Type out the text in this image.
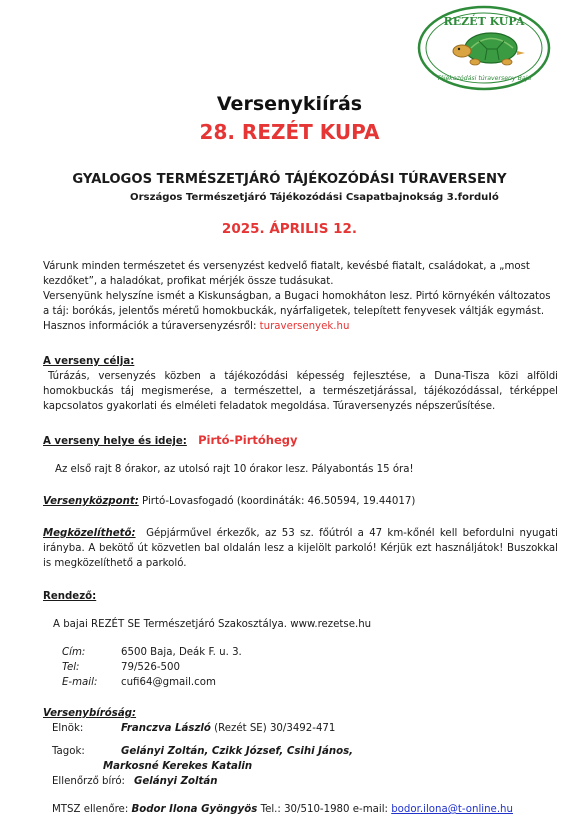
REZÉT KUPA
Tájékozódási túraverseny Baja
Versenykiírás
28. REZÉT KUPA
GYALOGOS TERMÉSZETJÁRÓ TÁJÉKOZÓDÁSI TÚRAVERSENY
Országos Természetjáró Tájékozódási Csapatbajnokság 3.forduló
2025. ÁPRILIS 12.
Várunk minden természetet és versenyzést kedvelő fiatalt, kevésbé fiatalt, családokat, a „most kezdőket”, a haladókat, profikat mérjék össze tudásukat.
Versenyünk helyszíne ismét a Kiskunságban, a Bugaci homokháton lesz. Pirtó környékén változatos a táj: borókás, jelentős méretű homokbuckák, nyárfaligetek, telepített fenyvesek váltják egymást.
Hasznos információk a túraversenyzésről: turaversenyek.hu
A verseny célja:
Túrázás, versenyzés közben a tájékozódási képesség fejlesztése, a Duna-Tisza közi alföldi homokbuckás táj megismerése, a természettel, a természetjárással, tájékozódással, térképpel kapcsolatos gyakorlati és elméleti feladatok megoldása. Túraversenyzés népszerűsítése.
A verseny helye és ideje: Pirtó-Pirtóhegy
Az első rajt 8 órakor, az utolsó rajt 10 órakor lesz. Pályabontás 15 óra!
Versenyközpont: Pirtó-Lovasfogadó (koordináták: 46.50594, 19.44017)
Megközelíthető: Gépjárművel érkezők, az 53 sz. főútról a 47 km-kőnél kell befordulni nyugati irányba. A bekötő út közvetlen bal oldalán lesz a kijelölt parkoló! Kérjük ezt használjátok! Buszokkal is megközelíthető a parkoló.
Rendező:
A bajai REZÉT SE Természetjáró Szakosztálya. www.rezetse.hu
Cím:	6500 Baja, Deák F. u. 3.
Tel:	79/526-500
E-mail: cufi64@gmail.com
Versenybíróság:
Elnök:	Franczva László (Rezét SE) 30/3492-471
Tagok:	Gelányi Zoltán, Czikk József, Csihi János,
Markosné Kerekes Katalin
Ellenőrző bíró: Gelányi Zoltán
MTSZ ellenőre: Bodor Ilona Gyöngyös Tel.: 30/510-1980 e-mail: bodor.ilona@t-online.hu
